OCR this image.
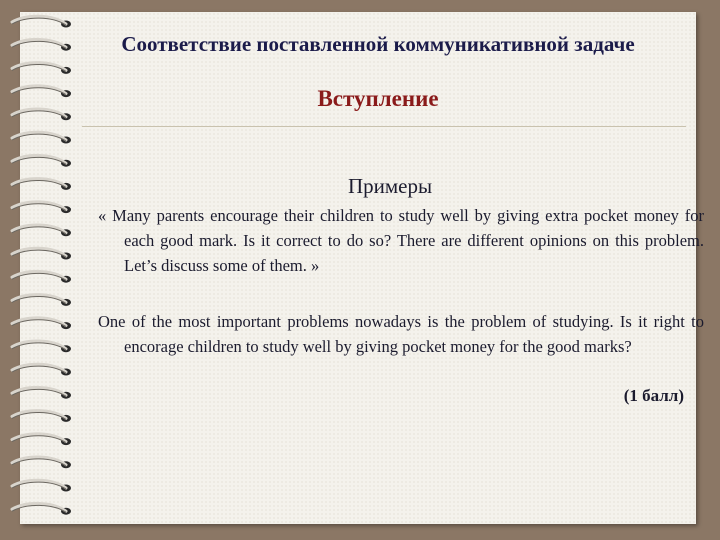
Соответствие поставленной коммуникативной задаче
Вступление
Примеры

« Many parents encourage their children to study well by giving extra pocket money for each good mark. Is it correct to do so? There are different opinions on this problem. Let’s discuss some of them. »

One of the most important problems nowadays is the problem of studying. Is it right to encorage children to study well by giving pocket money for the good marks?

(1 балл)
